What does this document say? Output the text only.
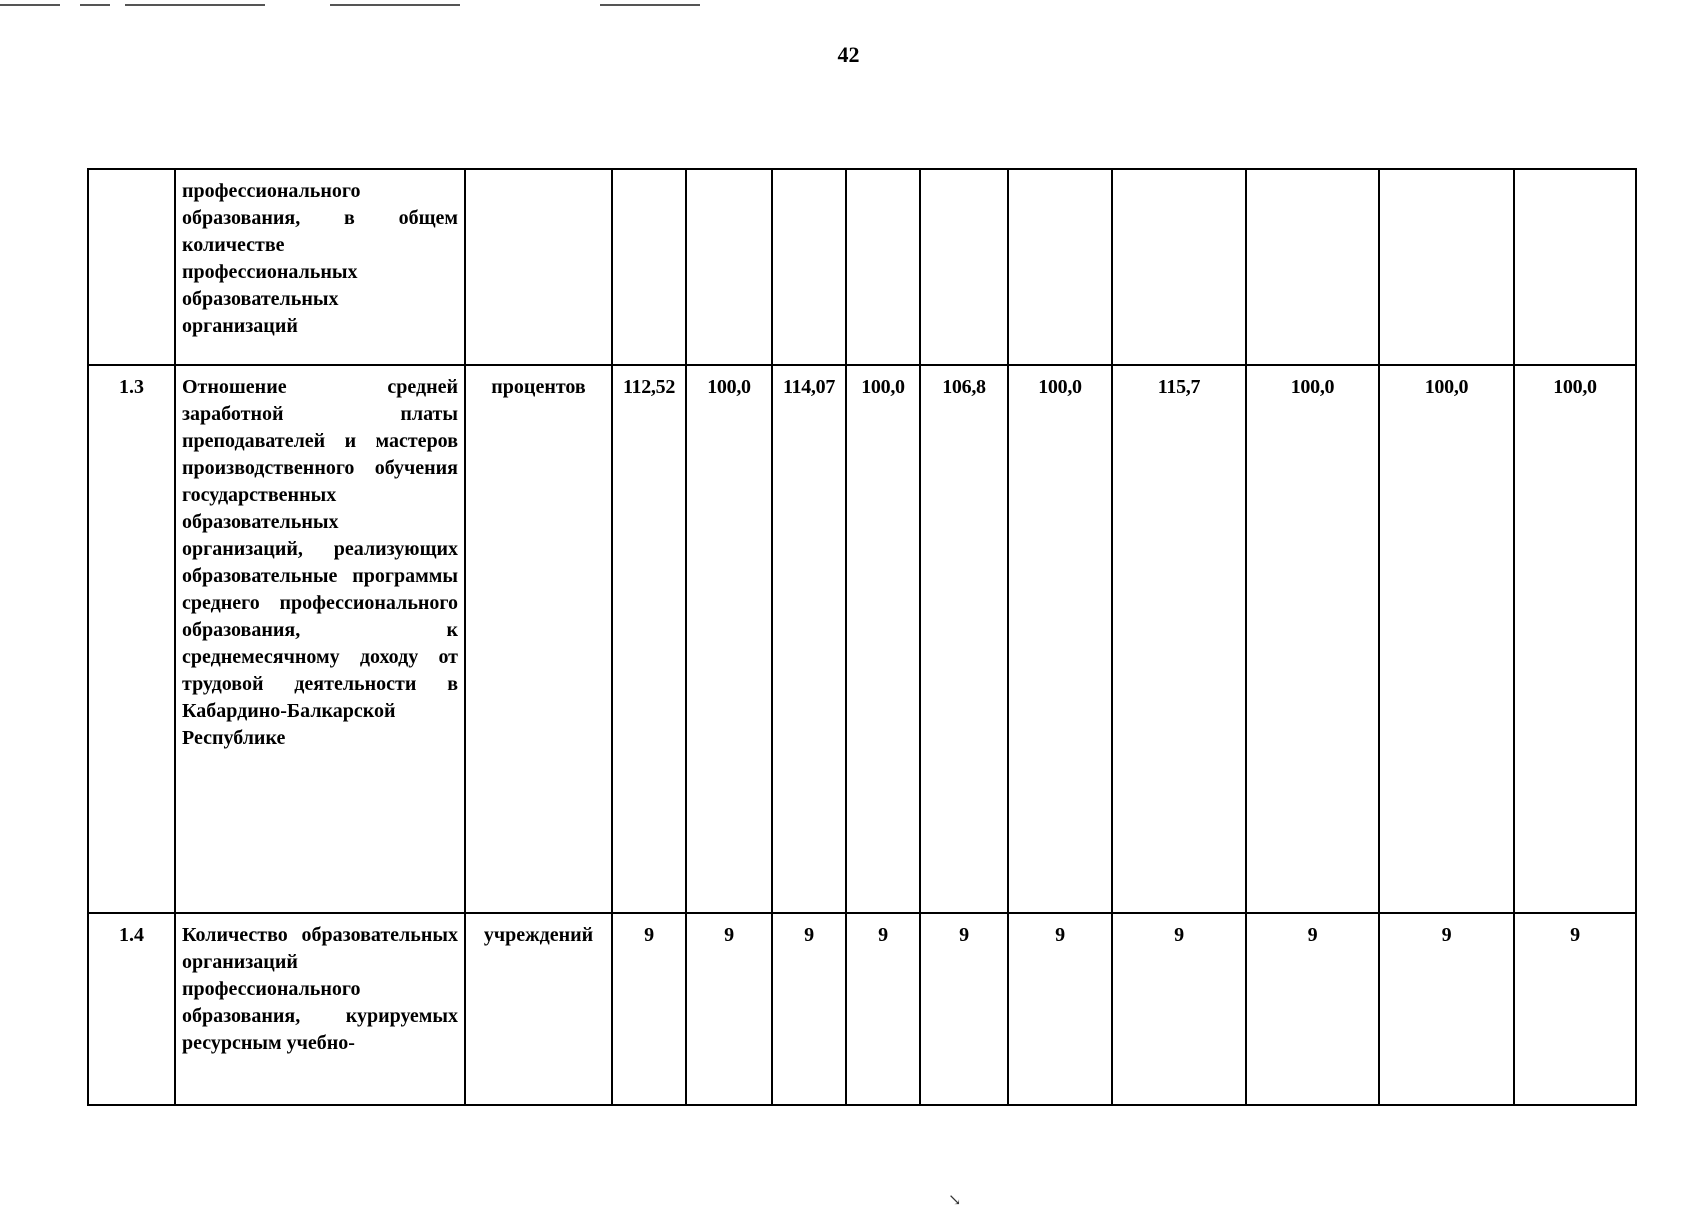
42
	профессионального образования, в общем количестве профессиональных образовательных организаций											
1.3	Отношение средней заработной платы преподавателей и мастеров производственного обучения государственных образовательных организаций, реализующих образовательные программы среднего профессионального образования, к среднемесячному доходу от трудовой деятельности в Кабардино-Балкарской Республике	процентов	112,52	100,0	114,07	100,0	106,8	100,0	115,7	100,0	100,0	100,0
1.4	Количество образовательных организаций профессионального образования, курируемых ресурсным учебно-	учреждений	9	9	9	9	9	9	9	9	9	9
↘
